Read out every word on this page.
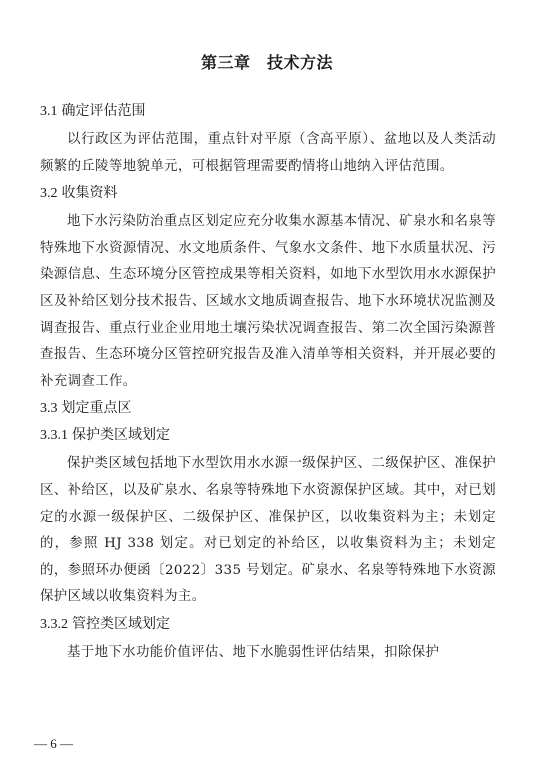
第三章　技术方法
3.1 确定评估范围

以行政区为评估范围，重点针对平原（含高平原）、盆地以及人类活动频繁的丘陵等地貌单元，可根据管理需要酌情将山地纳入评估范围。

3.2 收集资料

地下水污染防治重点区划定应充分收集水源基本情况、矿泉水和名泉等特殊地下水资源情况、水文地质条件、气象水文条件、地下水质量状况、污染源信息、生态环境分区管控成果等相关资料，如地下水型饮用水水源保护区及补给区划分技术报告、区域水文地质调查报告、地下水环境状况监测及调查报告、重点行业企业用地土壤污染状况调查报告、第二次全国污染源普查报告、生态环境分区管控研究报告及准入清单等相关资料，并开展必要的补充调查工作。

3.3 划定重点区
3.3.1 保护类区域划定

保护类区域包括地下水型饮用水水源一级保护区、二级保护区、准保护区、补给区，以及矿泉水、名泉等特殊地下水资源保护区域。其中，对已划定的水源一级保护区、二级保护区、准保护区，以收集资料为主；未划定的，参照 HJ 338 划定。对已划定的补给区，以收集资料为主；未划定的，参照环办便函〔2022〕335 号划定。矿泉水、名泉等特殊地下水资源保护区域以收集资料为主。

3.3.2 管控类区域划定

基于地下水功能价值评估、地下水脆弱性评估结果，扣除保护

— 6 —
